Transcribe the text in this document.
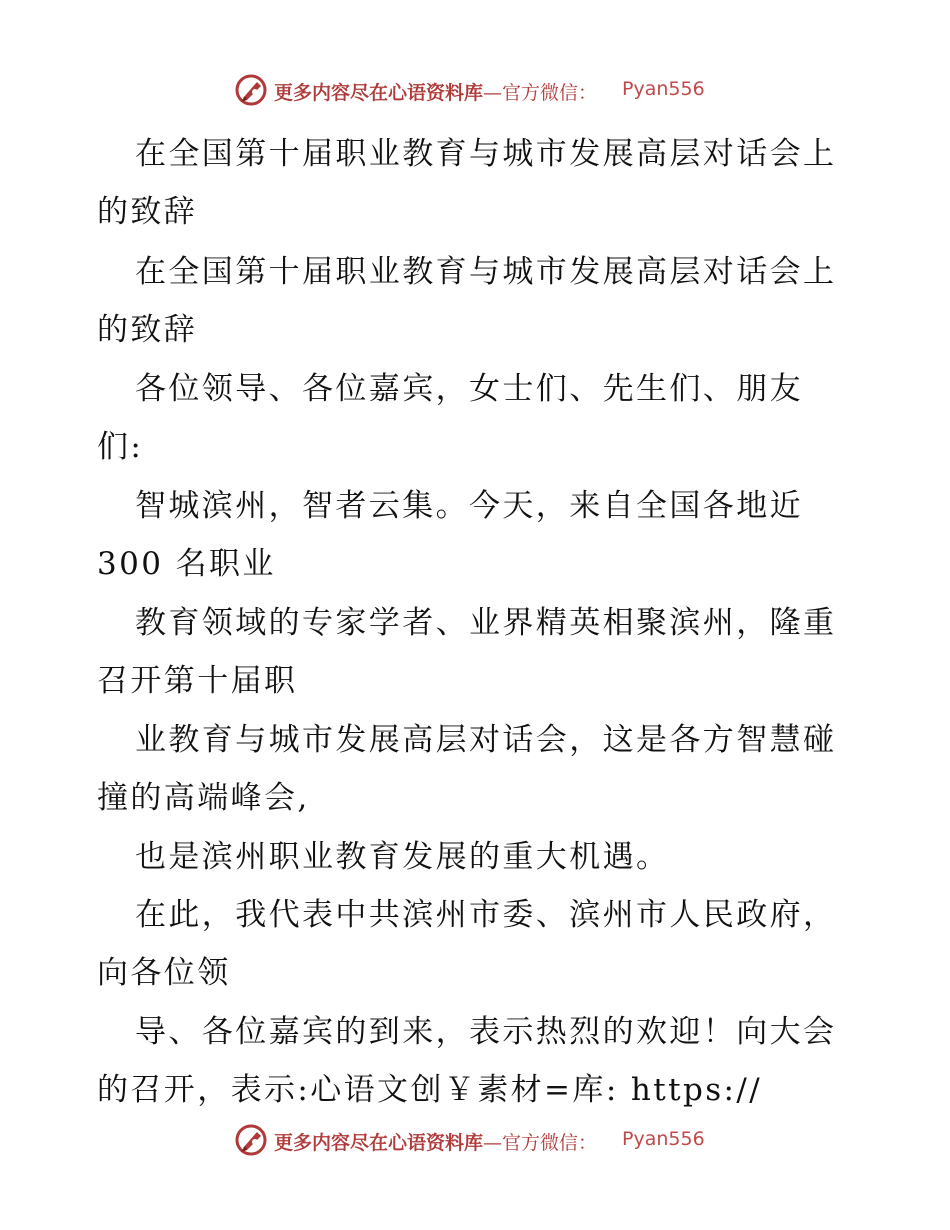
更多内容尽在心语资料库—官方微信： Pyan556
在全国第十届职业教育与城市发展高层对话会上
的致辞
在全国第十届职业教育与城市发展高层对话会上
的致辞
各位领导、各位嘉宾，女士们、先生们、朋友
们:
智城滨州，智者云集。今天，来自全国各地近
300 名职业
教育领域的专家学者、业界精英相聚滨州，隆重
召开第十届职
业教育与城市发展高层对话会，这是各方智慧碰
撞的高端峰会,
也是滨州职业教育发展的重大机遇。
在此，我代表中共滨州市委、滨州市人民政府，
向各位领
导、各位嘉宾的到来，表示热烈的欢迎！向大会
的召开，表示:心语文创￥素材=库: https://
更多内容尽在心语资料库—官方微信： Pyan556
